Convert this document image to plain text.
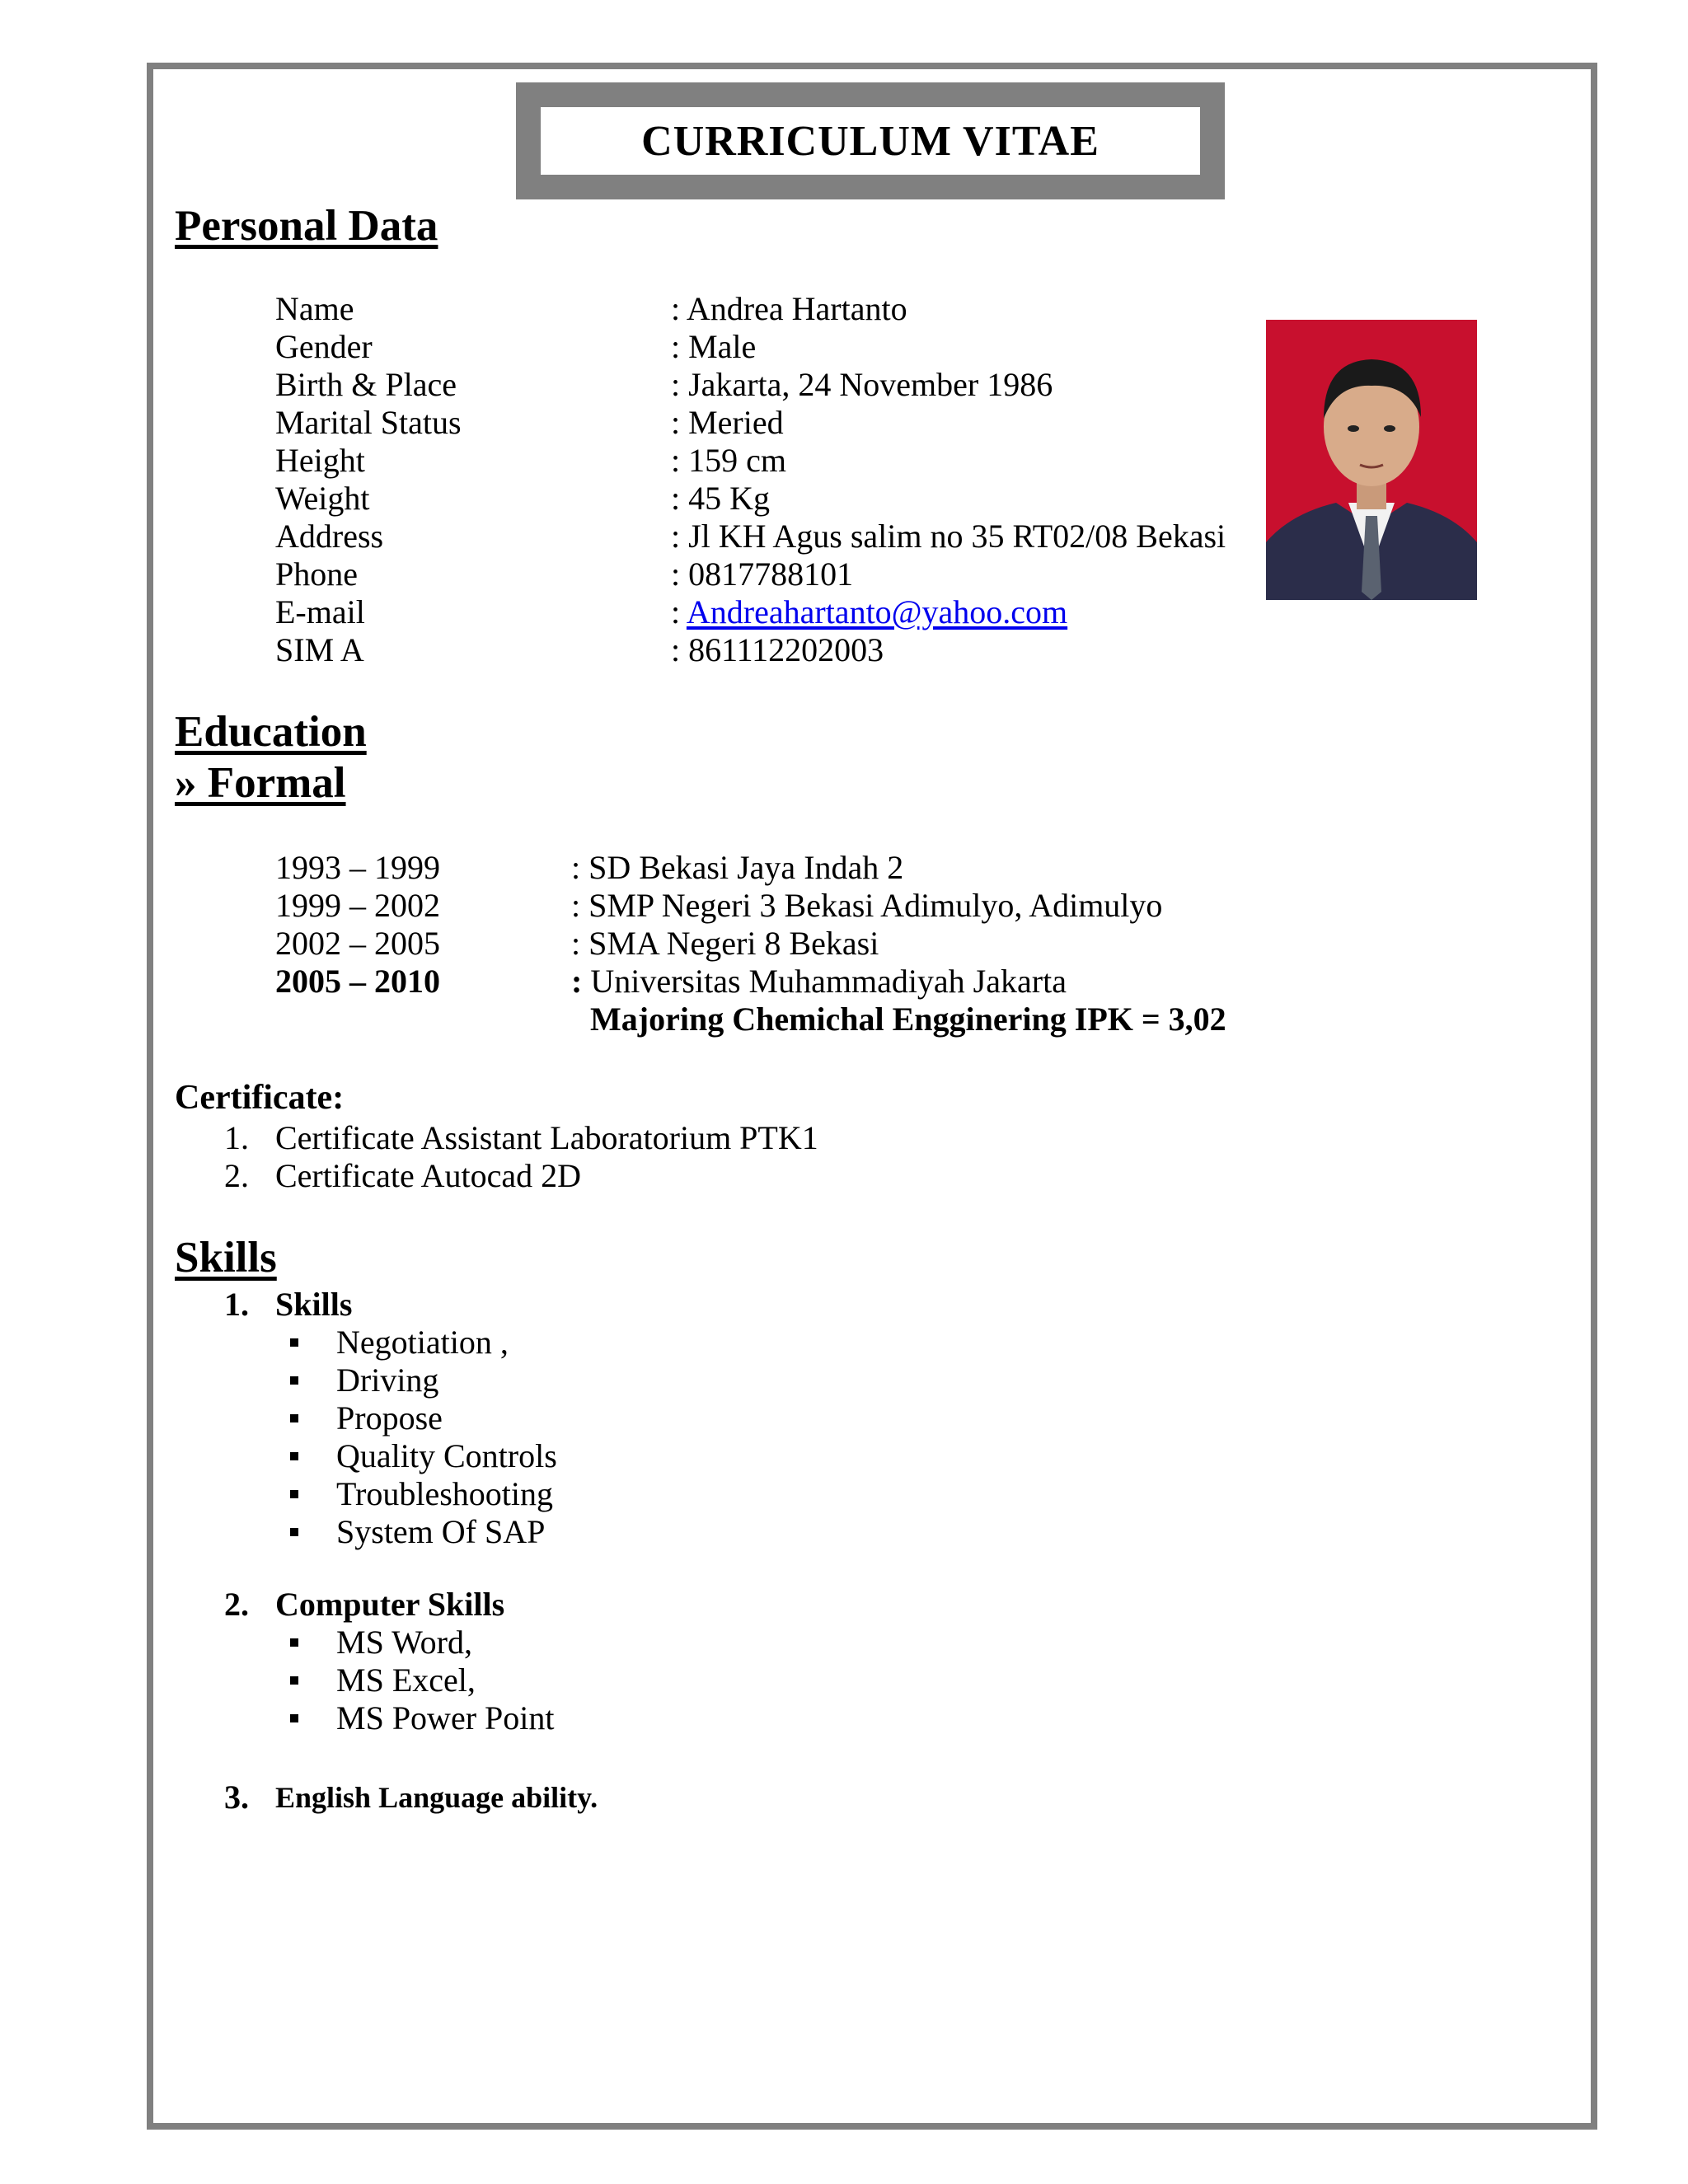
CURRICULUM VITAE
Personal Data
Name	: Andrea Hartanto
Gender	: Male
Birth & Place	: Jakarta, 24 November 1986
Marital Status	: Meried
Height	: 159 cm
Weight	: 45 Kg
Address	: Jl KH Agus salim no 35 RT02/08 Bekasi
Phone	: 0817788101
E-mail	: Andreahartanto@yahoo.com
SIM A	: 861112202003
Education
» Formal
1993 – 1999	: SD Bekasi Jaya Indah 2
1999 – 2002	: SMP Negeri 3 Bekasi Adimulyo, Adimulyo
2002 – 2005	: SMA Negeri 8 Bekasi
2005 – 2010	: Universitas Muhammadiyah Jakarta
Majoring Chemichal Engginering IPK = 3,02
Certificate:
1. Certificate Assistant Laboratorium PTK1
2. Certificate Autocad 2D
Skills
1. Skills
Negotiation ,
Driving
Propose
Quality Controls
Troubleshooting
System Of SAP
2. Computer Skills
MS Word,
MS Excel,
MS Power Point
3. English Language ability.
